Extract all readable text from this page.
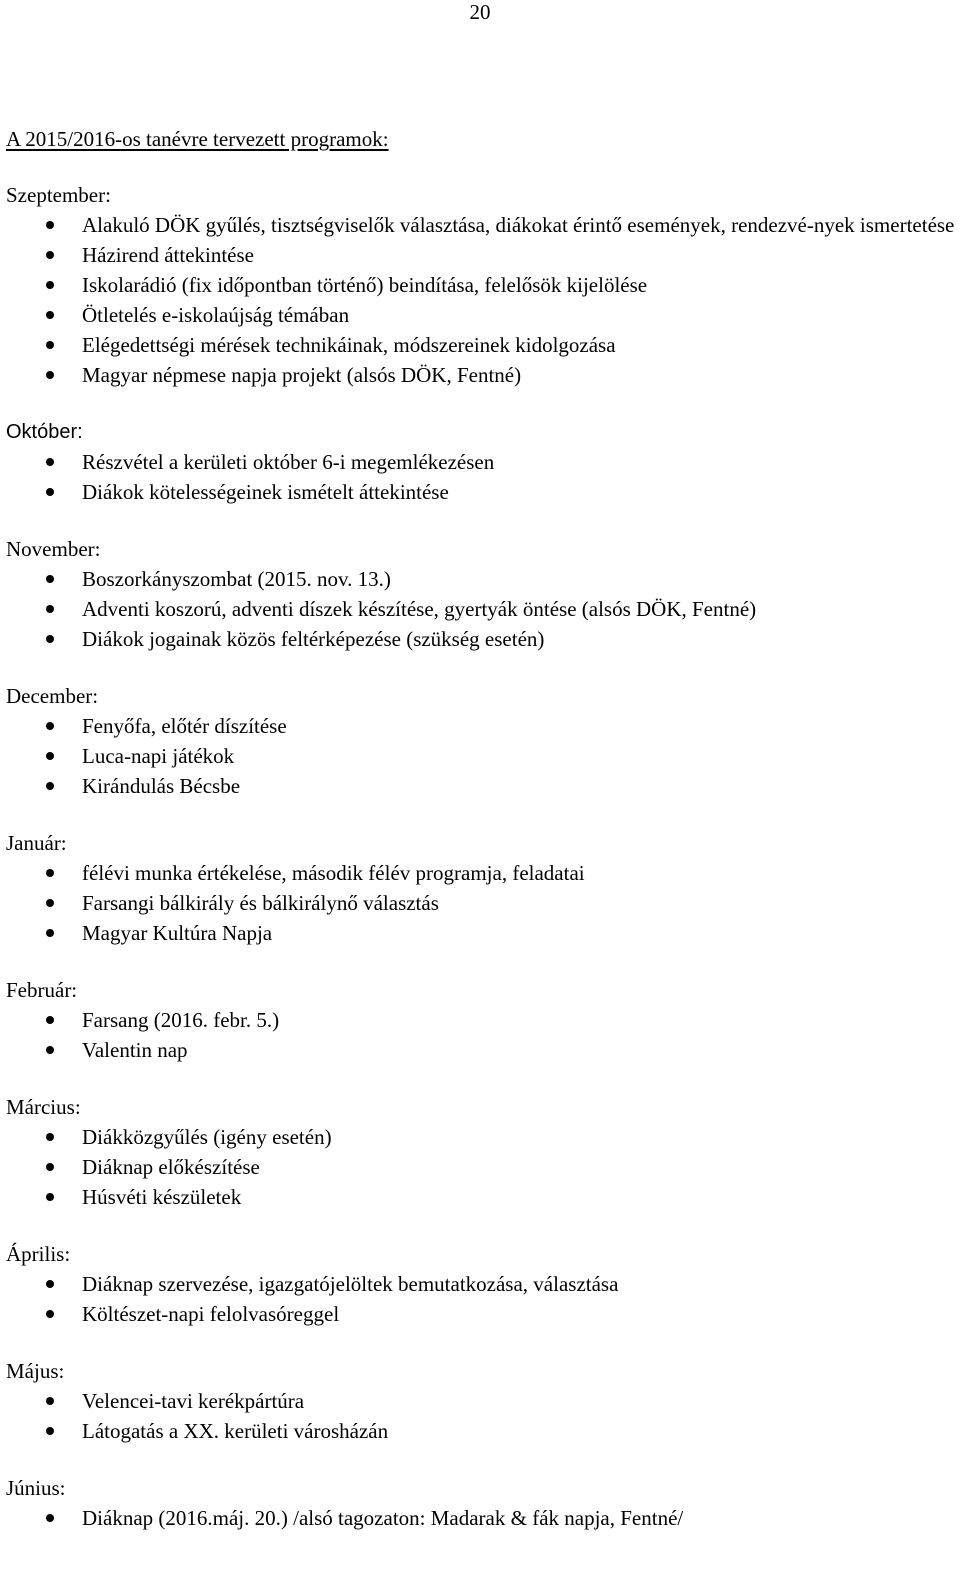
20
A 2015/2016-os tanévre tervezett programok:
Szeptember:
Alakuló DÖK gyűlés, tisztségviselők választása, diákokat érintő események, rendezvé-nyek ismertetése
Házirend áttekintése
Iskolarádió (fix időpontban történő) beindítása, felelősök kijelölése
Ötletelés e-iskolaújság témában
Elégedettségi mérések technikáinak, módszereinek kidolgozása
Magyar népmese napja projekt (alsós DÖK, Fentné)
Október:
Részvétel a kerületi október 6-i megemlékezésen
Diákok kötelességeinek ismételt áttekintése
November:
Boszorkányszombat (2015. nov. 13.)
Adventi koszorú, adventi díszek készítése, gyertyák öntése (alsós DÖK, Fentné)
Diákok jogainak közös feltérképezése (szükség esetén)
December:
Fenyőfa, előtér díszítése
Luca-napi játékok
Kirándulás Bécsbe
Január:
félévi munka értékelése, második félév programja, feladatai
Farsangi bálkirály és bálkirálynő választás
Magyar Kultúra Napja
Február:
Farsang (2016. febr. 5.)
Valentin nap
Március:
Diákközgyűlés (igény esetén)
Diáknap előkészítése
Húsvéti készületek
Április:
Diáknap szervezése, igazgatójelöltek bemutatkozása, választása
Költészet-napi felolvasóreggel
Május:
Velencei-tavi kerékpártúra
Látogatás a XX. kerületi városházán
Június:
Diáknap (2016.máj. 20.) /alsó tagozaton: Madarak & fák napja, Fentné/
